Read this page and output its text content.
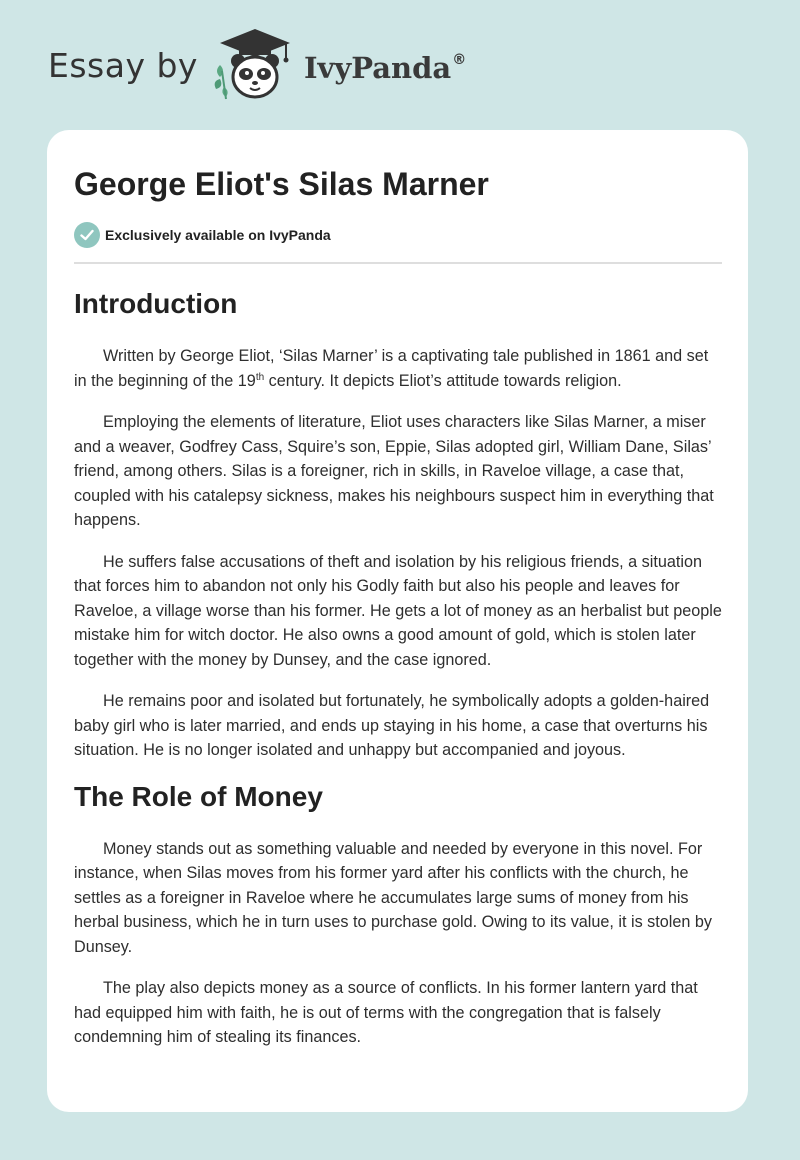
Essay by	IvyPanda®
George Eliot's Silas Marner
Exclusively available on IvyPanda
Introduction

Written by George Eliot, ‘Silas Marner’ is a captivating tale published in 1861 and set in the beginning of the 19th century. It depicts Eliot’s attitude towards religion.

Employing the elements of literature, Eliot uses characters like Silas Marner, a miser and a weaver, Godfrey Cass, Squire’s son, Eppie, Silas adopted girl, William Dane, Silas’ friend, among others. Silas is a foreigner, rich in skills, in Raveloe village, a case that, coupled with his catalepsy sickness, makes his neighbours suspect him in everything that happens.

He suffers false accusations of theft and isolation by his religious friends, a situation that forces him to abandon not only his Godly faith but also his people and leaves for Raveloe, a village worse than his former. He gets a lot of money as an herbalist but people mistake him for witch doctor. He also owns a good amount of gold, which is stolen later together with the money by Dunsey, and the case ignored.

He remains poor and isolated but fortunately, he symbolically adopts a golden-haired baby girl who is later married, and ends up staying in his home, a case that overturns his situation. He is no longer isolated and unhappy but accompanied and joyous.

The Role of Money

Money stands out as something valuable and needed by everyone in this novel. For instance, when Silas moves from his former yard after his conflicts with the church, he settles as a foreigner in Raveloe where he accumulates large sums of money from his herbal business, which he in turn uses to purchase gold. Owing to its value, it is stolen by Dunsey.

The play also depicts money as a source of conflicts. In his former lantern yard that had equipped him with faith, he is out of terms with the congregation that is falsely condemning him of stealing its finances.
